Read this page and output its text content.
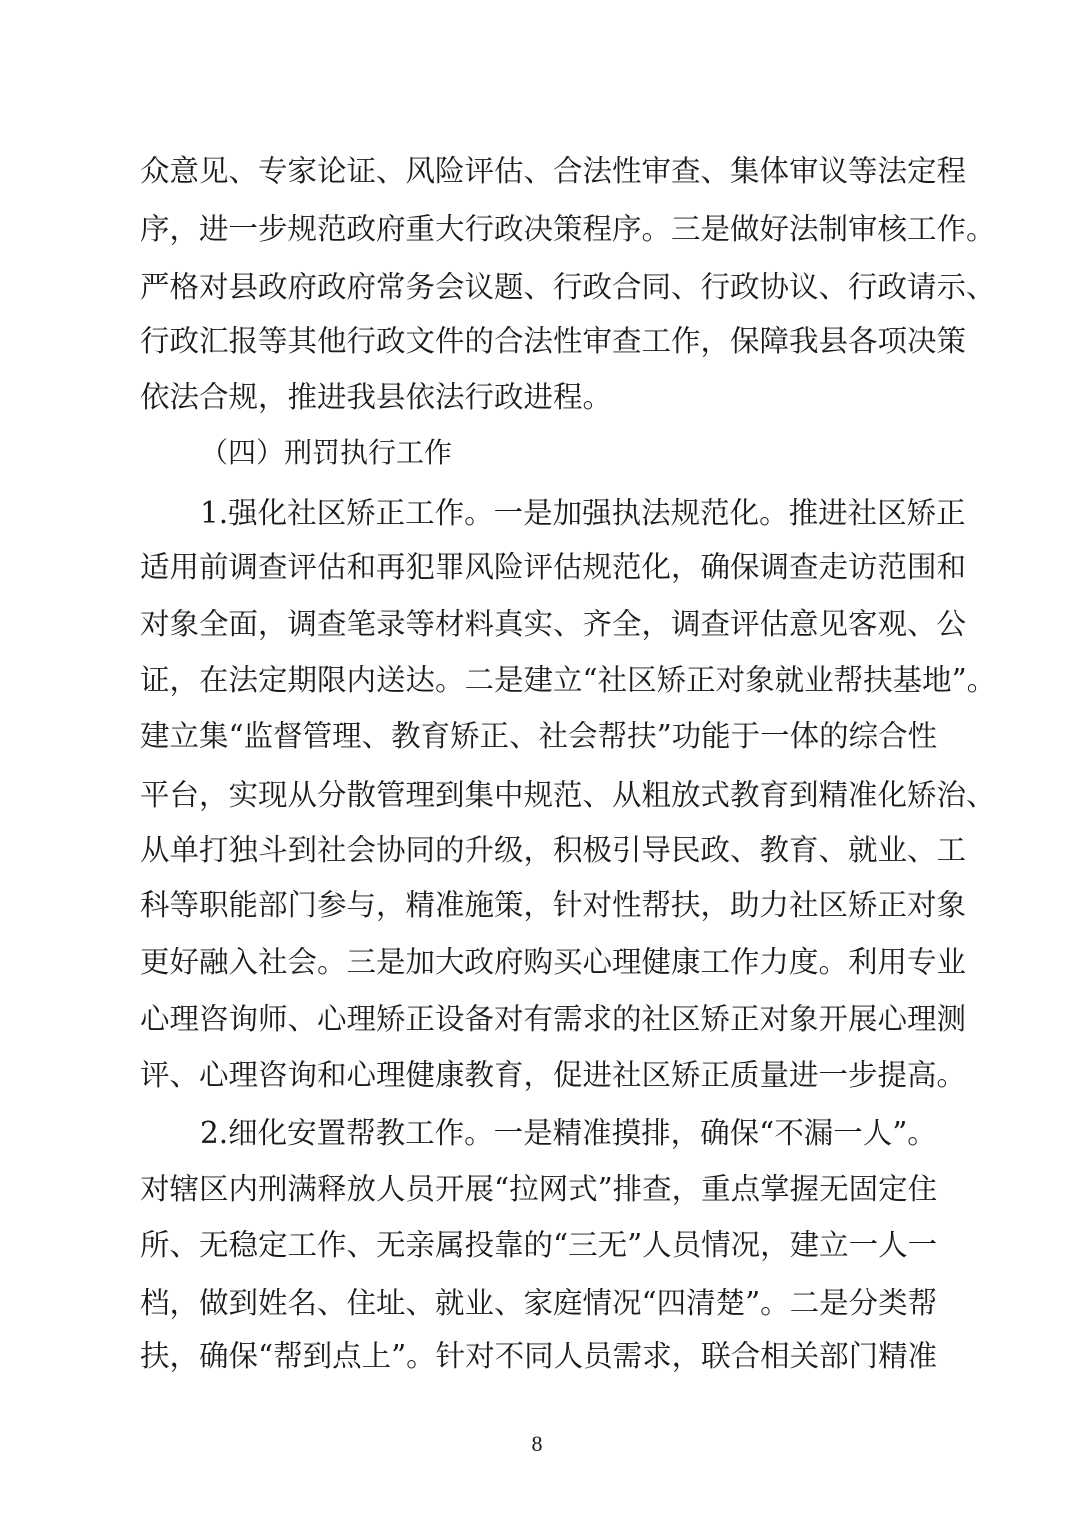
众意见、专家论证、风险评估、合法性审查、集体审议等法定程
序，进一步规范政府重大行政决策程序。三是做好法制审核工作。
严格对县政府政府常务会议题、行政合同、行政协议、行政请示、
行政汇报等其他行政文件的合法性审查工作，保障我县各项决策
依法合规，推进我县依法行政进程。
（四）刑罚执行工作
1.强化社区矫正工作。一是加强执法规范化。推进社区矫正
适用前调查评估和再犯罪风险评估规范化，确保调查走访范围和
对象全面，调查笔录等材料真实、齐全，调查评估意见客观、公
证，在法定期限内送达。二是建立“社区矫正对象就业帮扶基地”。
建立集“监督管理、教育矫正、社会帮扶”功能于一体的综合性
平台，实现从分散管理到集中规范、从粗放式教育到精准化矫治、
从单打独斗到社会协同的升级，积极引导民政、教育、就业、工
科等职能部门参与，精准施策，针对性帮扶，助力社区矫正对象
更好融入社会。三是加大政府购买心理健康工作力度。利用专业
心理咨询师、心理矫正设备对有需求的社区矫正对象开展心理测
评、心理咨询和心理健康教育，促进社区矫正质量进一步提高。
2.细化安置帮教工作。一是精准摸排，确保“不漏一人”。
对辖区内刑满释放人员开展“拉网式”排查，重点掌握无固定住
所、无稳定工作、无亲属投靠的“三无”人员情况，建立一人一
档，做到姓名、住址、就业、家庭情况“四清楚”。二是分类帮
扶，确保“帮到点上”。针对不同人员需求，联合相关部门精准
8
